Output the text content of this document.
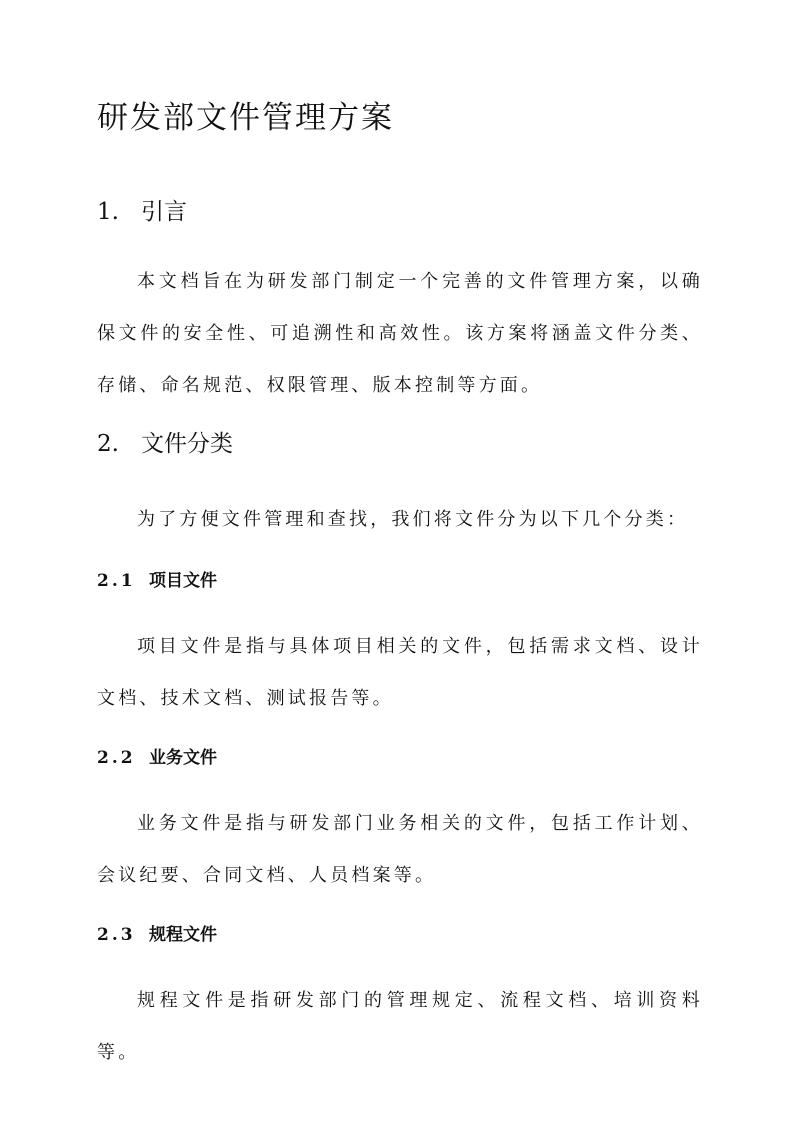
研发部文件管理方案
1. 引言

本文档旨在为研发部门制定一个完善的文件管理方案，以确保文件的安全性、可追溯性和高效性。该方案将涵盖文件分类、存储、命名规范、权限管理、版本控制等方面。

2. 文件分类

为了方便文件管理和查找，我们将文件分为以下几个分类：

2.1 项目文件

项目文件是指与具体项目相关的文件，包括需求文档、设计文档、技术文档、测试报告等。

2.2 业务文件

业务文件是指与研发部门业务相关的文件，包括工作计划、会议纪要、合同文档、人员档案等。

2.3 规程文件

规程文件是指研发部门的管理规定、流程文档、培训资料等。
